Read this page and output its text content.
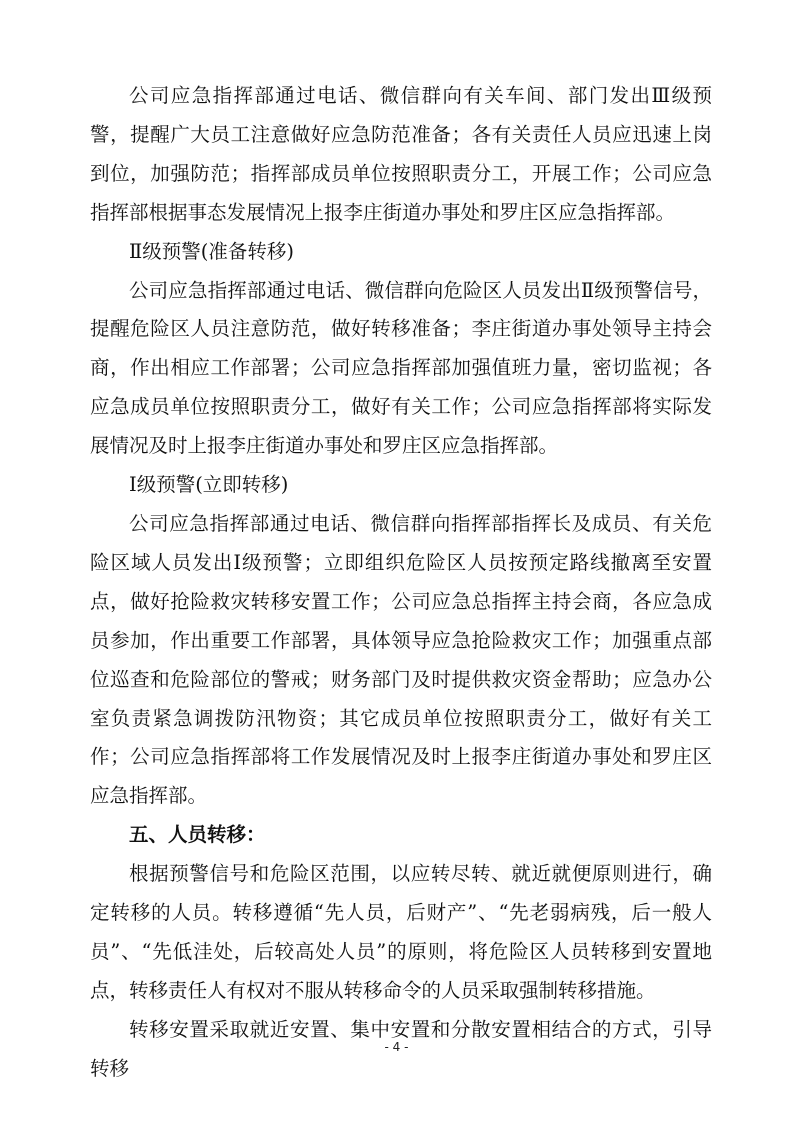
公司应急指挥部通过电话、微信群向有关车间、部门发出Ⅲ级预警，提醒广大员工注意做好应急防范准备；各有关责任人员应迅速上岗到位，加强防范；指挥部成员单位按照职责分工，开展工作；公司应急指挥部根据事态发展情况上报李庄街道办事处和罗庄区应急指挥部。

Ⅱ级预警(准备转移)

公司应急指挥部通过电话、微信群向危险区人员发出Ⅱ级预警信号，提醒危险区人员注意防范，做好转移准备；李庄街道办事处领导主持会商，作出相应工作部署；公司应急指挥部加强值班力量，密切监视；各应急成员单位按照职责分工，做好有关工作；公司应急指挥部将实际发展情况及时上报李庄街道办事处和罗庄区应急指挥部。

Ⅰ级预警(立即转移)

公司应急指挥部通过电话、微信群向指挥部指挥长及成员、有关危险区域人员发出Ⅰ级预警；立即组织危险区人员按预定路线撤离至安置点，做好抢险救灾转移安置工作；公司应急总指挥主持会商，各应急成员参加，作出重要工作部署，具体领导应急抢险救灾工作；加强重点部位巡查和危险部位的警戒；财务部门及时提供救灾资金帮助；应急办公室负责紧急调拨防汛物资；其它成员单位按照职责分工，做好有关工作；公司应急指挥部将工作发展情况及时上报李庄街道办事处和罗庄区应急指挥部。

五、人员转移：

根据预警信号和危险区范围，以应转尽转、就近就便原则进行，确定转移的人员。转移遵循“先人员，后财产”、“先老弱病残，后一般人员”、“先低洼处，后较高处人员”的原则，将危险区人员转移到安置地点，转移责任人有权对不服从转移命令的人员采取强制转移措施。

转移安置采取就近安置、集中安置和分散安置相结合的方式，引导转移

- 4 -
